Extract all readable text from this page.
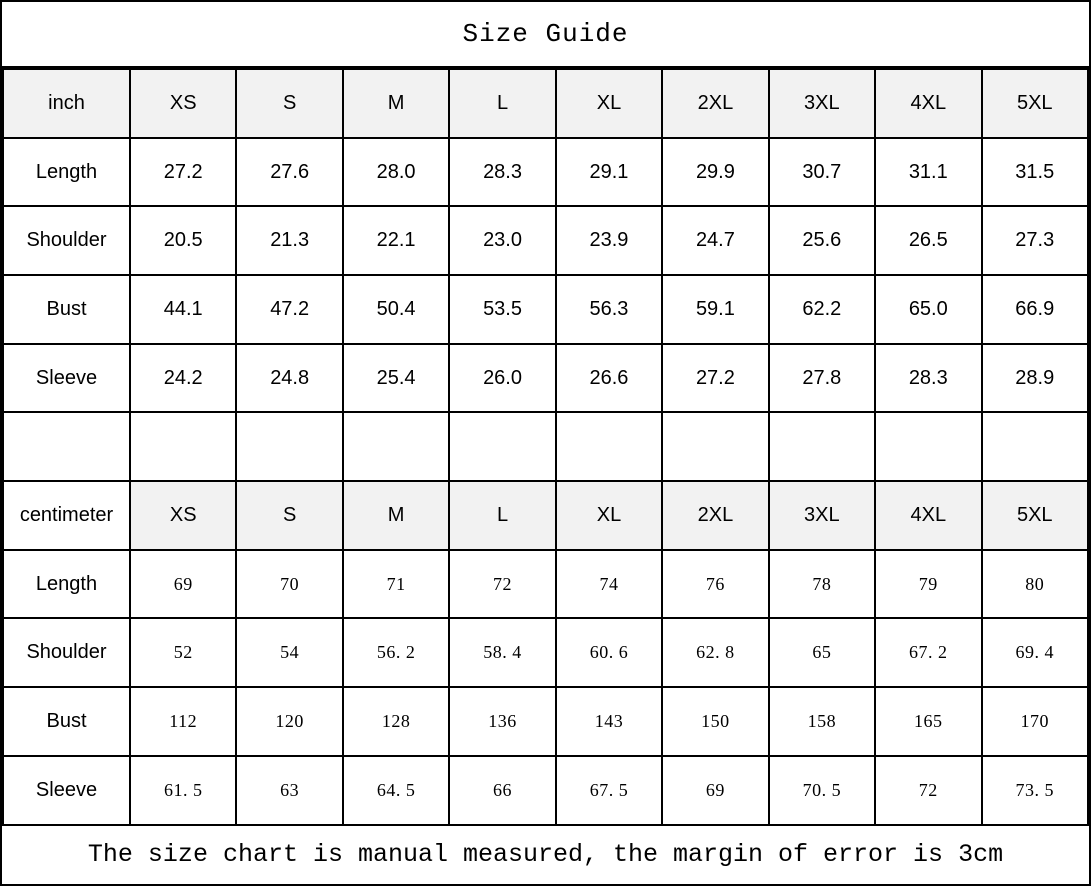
Size Guide
inch	XS	S	M	L	XL	2XL	3XL	4XL	5XL
Length	27.2	27.6	28.0	28.3	29.1	29.9	30.7	31.1	31.5
Shoulder	20.5	21.3	22.1	23.0	23.9	24.7	25.6	26.5	27.3
Bust	44.1	47.2	50.4	53.5	56.3	59.1	62.2	65.0	66.9
Sleeve	24.2	24.8	25.4	26.0	26.6	27.2	27.8	28.3	28.9

centimeter	XS	S	M	L	XL	2XL	3XL	4XL	5XL
Length	69	70	71	72	74	76	78	79	80
Shoulder	52	54	56. 2	58. 4	60. 6	62. 8	65	67. 2	69. 4
Bust	112	120	128	136	143	150	158	165	170
Sleeve	61. 5	63	64. 5	66	67. 5	69	70. 5	72	73. 5
The size chart is manual measured, the margin of error is 3cm
